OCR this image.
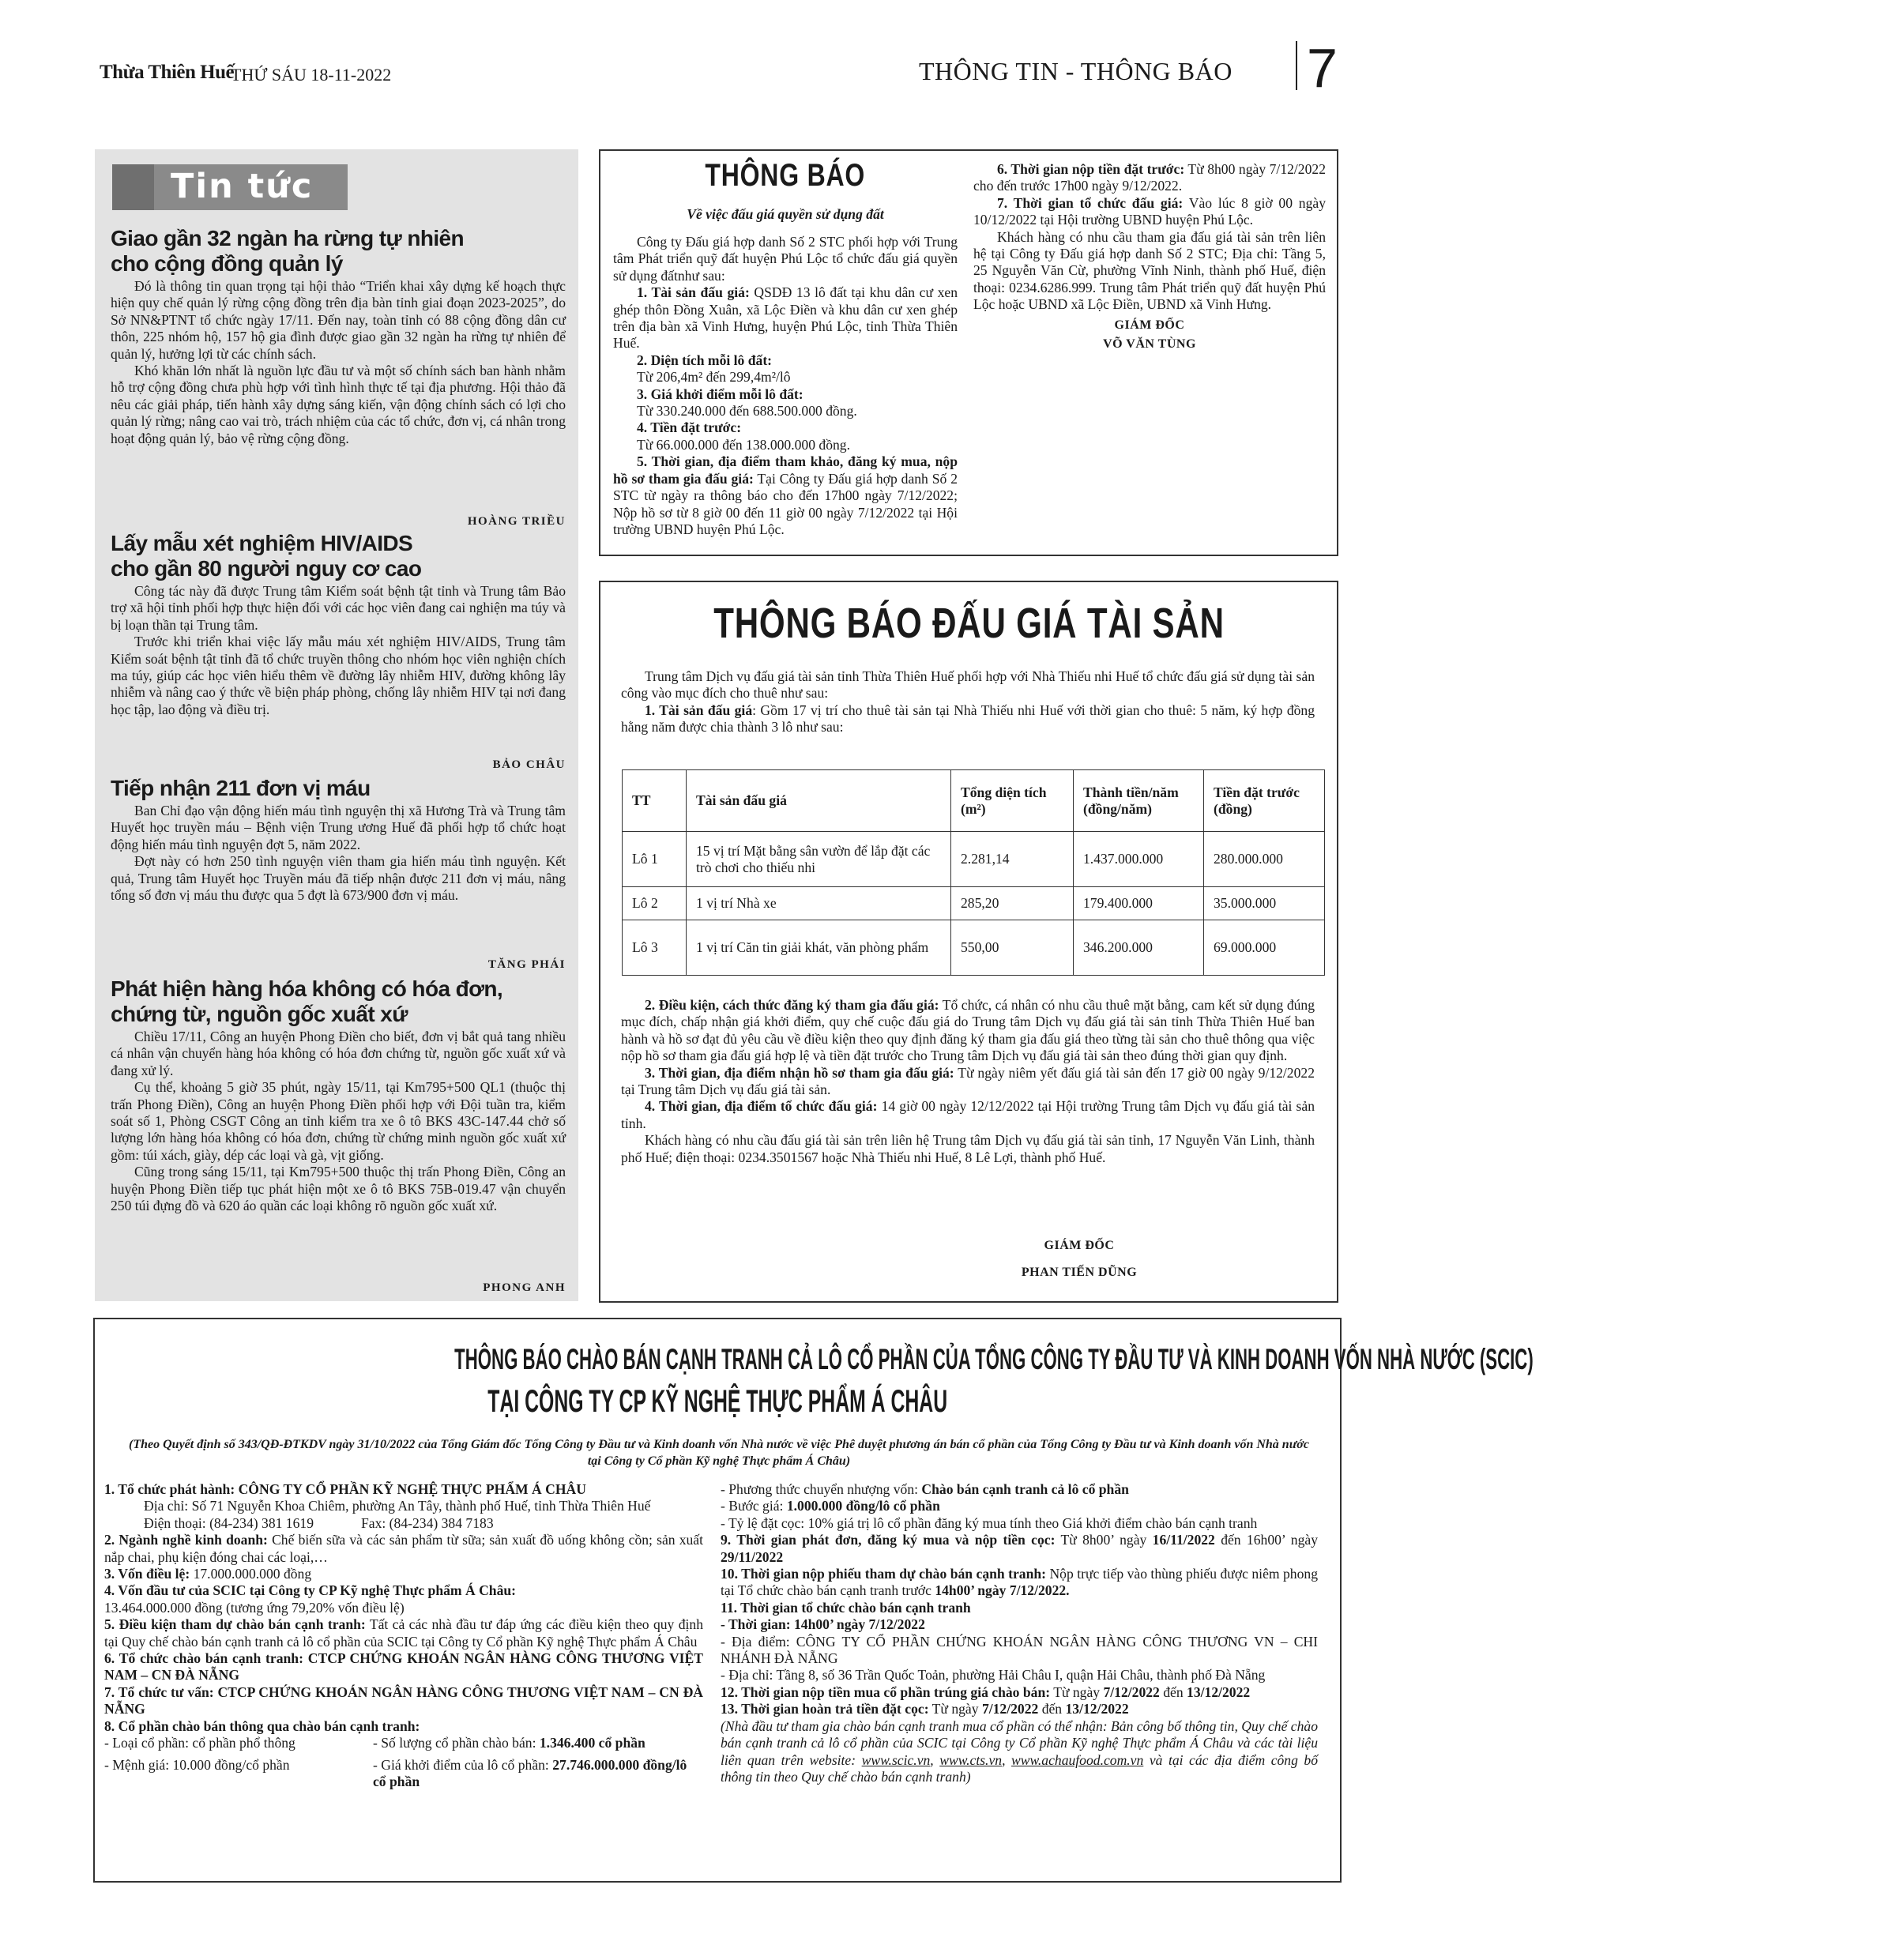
Thừa Thiên Huế
THỨ SÁU 18-11-2022	THÔNG TIN - THÔNG BÁO 7
Tin tức
Giao gần 32 ngàn ha rừng tự nhiên
cho cộng đồng quản lý

Đó là thông tin quan trọng tại hội thảo “Triển khai xây dựng kế hoạch thực hiện quy chế quản lý rừng cộng đồng trên địa bàn tỉnh giai đoạn 2023-2025”, do Sở NN&PTNT tổ chức ngày 17/11. Đến nay, toàn tỉnh có 88 cộng đồng dân cư thôn, 225 nhóm hộ, 157 hộ gia đình được giao gần 32 ngàn ha rừng tự nhiên để quản lý, hưởng lợi từ các chính sách.

Khó khăn lớn nhất là nguồn lực đầu tư và một số chính sách ban hành nhằm hỗ trợ cộng đồng chưa phù hợp với tình hình thực tế tại địa phương. Hội thảo đã nêu các giải pháp, tiến hành xây dựng sáng kiến, vận động chính sách có lợi cho quản lý rừng; nâng cao vai trò, trách nhiệm của các tổ chức, đơn vị, cá nhân trong hoạt động quản lý, bảo vệ rừng cộng đồng.

HOÀNG TRIỀU
Lấy mẫu xét nghiệm HIV/AIDS
cho gần 80 người nguy cơ cao

Công tác này đã được Trung tâm Kiểm soát bệnh tật tỉnh và Trung tâm Bảo trợ xã hội tỉnh phối hợp thực hiện đối với các học viên đang cai nghiện ma túy và bị loạn thần tại Trung tâm.

Trước khi triển khai việc lấy mẫu máu xét nghiệm HIV/AIDS, Trung tâm Kiểm soát bệnh tật tỉnh đã tổ chức truyền thông cho nhóm học viên nghiện chích ma túy, giúp các học viên hiểu thêm về đường lây nhiễm HIV, đường không lây nhiễm và nâng cao ý thức về biện pháp phòng, chống lây nhiễm HIV tại nơi đang học tập, lao động và điều trị.

BẢO CHÂU
Tiếp nhận 211 đơn vị máu

Ban Chỉ đạo vận động hiến máu tình nguyện thị xã Hương Trà và Trung tâm Huyết học truyền máu – Bệnh viện Trung ương Huế đã phối hợp tổ chức hoạt động hiến máu tình nguyện đợt 5, năm 2022.

Đợt này có hơn 250 tình nguyện viên tham gia hiến máu tình nguyện. Kết quả, Trung tâm Huyết học Truyền máu đã tiếp nhận được 211 đơn vị máu, nâng tổng số đơn vị máu thu được qua 5 đợt là 673/900 đơn vị máu.

TĂNG PHÁI
Phát hiện hàng hóa không có hóa đơn,
chứng từ, nguồn gốc xuất xứ

Chiều 17/11, Công an huyện Phong Điền cho biết, đơn vị bắt quả tang nhiều cá nhân vận chuyển hàng hóa không có hóa đơn chứng từ, nguồn gốc xuất xứ và đang xử lý.

Cụ thể, khoảng 5 giờ 35 phút, ngày 15/11, tại Km795+500 QL1 (thuộc thị trấn Phong Điền), Công an huyện Phong Điền phối hợp với Đội tuần tra, kiểm soát số 1, Phòng CSGT Công an tỉnh kiểm tra xe ô tô BKS 43C-147.44 chở số lượng lớn hàng hóa không có hóa đơn, chứng từ chứng minh nguồn gốc xuất xứ gồm: túi xách, giày, dép các loại và gà, vịt giống.

Cũng trong sáng 15/11, tại Km795+500 thuộc thị trấn Phong Điền, Công an huyện Phong Điền tiếp tục phát hiện một xe ô tô BKS 75B-019.47 vận chuyển 250 túi đựng đồ và 620 áo quần các loại không rõ nguồn gốc xuất xứ.

PHONG ANH
THÔNG BÁO
Về việc đấu giá quyền sử dụng đất

Công ty Đấu giá hợp danh Số 2 STC phối hợp với Trung tâm Phát triển quỹ đất huyện Phú Lộc tổ chức đấu giá quyền sử dụng đấtnhư sau:

1. Tài sản đấu giá: QSDĐ 13 lô đất tại khu dân cư xen ghép thôn Đồng Xuân, xã Lộc Điền và khu dân cư xen ghép trên địa bàn xã Vinh Hưng, huyện Phú Lộc, tỉnh Thừa Thiên Huế.

2. Diện tích mỗi lô đất:

Từ 206,4m² đến 299,4m²/lô

3. Giá khởi điểm mỗi lô đất:

Từ 330.240.000 đến 688.500.000 đồng.

4. Tiền đặt trước:

Từ 66.000.000 đến 138.000.000 đồng.

5. Thời gian, địa điểm tham khảo, đăng ký mua, nộp hồ sơ tham gia đấu giá: Tại Công ty Đấu giá hợp danh Số 2 STC từ ngày ra thông báo cho đến 17h00 ngày 7/12/2022; Nộp hồ sơ từ 8 giờ 00 đến 11 giờ 00 ngày 7/12/2022 tại Hội trường UBND huyện Phú Lộc.

6. Thời gian nộp tiền đặt trước: Từ 8h00 ngày 7/12/2022 cho đến trước 17h00 ngày 9/12/2022.

7. Thời gian tổ chức đấu giá: Vào lúc 8 giờ 00 ngày 10/12/2022 tại Hội trường UBND huyện Phú Lộc.

Khách hàng có nhu cầu tham gia đấu giá tài sản trên liên hệ tại Công ty Đấu giá hợp danh Số 2 STC; Địa chỉ: Tầng 5, 25 Nguyễn Văn Cừ, phường Vĩnh Ninh, thành phố Huế, điện thoại: 0234.6286.999. Trung tâm Phát triển quỹ đất huyện Phú Lộc hoặc UBND xã Lộc Điền, UBND xã Vinh Hưng.

GIÁM ĐỐC
VÕ VĂN TÙNG
THÔNG BÁO ĐẤU GIÁ TÀI SẢN

Trung tâm Dịch vụ đấu giá tài sản tỉnh Thừa Thiên Huế phối hợp với Nhà Thiếu nhi Huế tổ chức đấu giá sử dụng tài sản công vào mục đích cho thuê như sau:

1. Tài sản đấu giá: Gồm 17 vị trí cho thuê tài sản tại Nhà Thiếu nhi Huế với thời gian cho thuê: 5 năm, ký hợp đồng hằng năm được chia thành 3 lô như sau:

TT	Tài sản đấu giá	Tổng diện tích (m²)	Thành tiền/năm (đồng/năm)	Tiền đặt trước (đồng)
Lô 1	15 vị trí Mặt bằng sân vườn để lắp đặt các trò chơi cho thiếu nhi	2.281,14	1.437.000.000	280.000.000
Lô 2	1 vị trí Nhà xe	285,20	179.400.000	35.000.000
Lô 3	1 vị trí Căn tin giải khát, văn phòng phẩm	550,00	346.200.000	69.000.000

2. Điều kiện, cách thức đăng ký tham gia đấu giá: Tổ chức, cá nhân có nhu cầu thuê mặt bằng, cam kết sử dụng đúng mục đích, chấp nhận giá khởi điểm, quy chế cuộc đấu giá do Trung tâm Dịch vụ đấu giá tài sản tỉnh Thừa Thiên Huế ban hành và hồ sơ đạt đủ yêu cầu về điều kiện theo quy định đăng ký tham gia đấu giá theo từng tài sản cho thuê thông qua việc nộp hồ sơ tham gia đấu giá hợp lệ và tiền đặt trước cho Trung tâm Dịch vụ đấu giá tài sản theo đúng thời gian quy định.

3. Thời gian, địa điểm nhận hồ sơ tham gia đấu giá: Từ ngày niêm yết đấu giá tài sản đến 17 giờ 00 ngày 9/12/2022 tại Trung tâm Dịch vụ đấu giá tài sản.

4. Thời gian, địa điểm tổ chức đấu giá: 14 giờ 00 ngày 12/12/2022 tại Hội trường Trung tâm Dịch vụ đấu giá tài sản tỉnh.

Khách hàng có nhu cầu đấu giá tài sản trên liên hệ Trung tâm Dịch vụ đấu giá tài sản tỉnh, 17 Nguyễn Văn Linh, thành phố Huế; điện thoại: 0234.3501567 hoặc Nhà Thiếu nhi Huế, 8 Lê Lợi, thành phố Huế.

GIÁM ĐỐC
PHAN TIẾN DŨNG
THÔNG BÁO CHÀO BÁN CẠNH TRANH CẢ LÔ CỔ PHẦN CỦA TỔNG CÔNG TY ĐẦU TƯ VÀ KINH DOANH VỐN NHÀ NƯỚC (SCIC)
TẠI CÔNG TY CP KỸ NGHỆ THỰC PHẨM Á CHÂU
(Theo Quyết định số 343/QĐ-ĐTKDV ngày 31/10/2022 của Tổng Giám đốc Tổng Công ty Đầu tư và Kinh doanh vốn Nhà nước về việc Phê duyệt phương án bán cổ phần của Tổng Công ty Đầu tư và Kinh doanh vốn Nhà nước tại Công ty Cổ phần Kỹ nghệ Thực phẩm Á Châu)

1. Tổ chức phát hành: CÔNG TY CỔ PHẦN KỸ NGHỆ THỰC PHẨM Á CHÂU

Địa chỉ: Số 71 Nguyễn Khoa Chiêm, phường An Tây, thành phố Huế, tỉnh Thừa Thiên Huế

Điện thoại: (84-234) 381 1619	Fax: (84-234) 384 7183

2. Ngành nghề kinh doanh: Chế biến sữa và các sản phẩm từ sữa; sản xuất đồ uống không cồn; sản xuất nắp chai, phụ kiện đóng chai các loại,…

3. Vốn điều lệ: 17.000.000.000 đồng

4. Vốn đầu tư của SCIC tại Công ty CP Kỹ nghệ Thực phẩm Á Châu:

13.464.000.000 đồng (tương ứng 79,20% vốn điều lệ)

5. Điều kiện tham dự chào bán cạnh tranh: Tất cả các nhà đầu tư đáp ứng các điều kiện theo quy định tại Quy chế chào bán cạnh tranh cả lô cổ phần của SCIC tại Công ty Cổ phần Kỹ nghệ Thực phẩm Á Châu

6. Tổ chức chào bán cạnh tranh: CTCP CHỨNG KHOÁN NGÂN HÀNG CÔNG THƯƠNG VIỆT NAM – CN ĐÀ NẴNG

7. Tổ chức tư vấn: CTCP CHỨNG KHOÁN NGÂN HÀNG CÔNG THƯƠNG VIỆT NAM – CN ĐÀ NẴNG

8. Cổ phần chào bán thông qua chào bán cạnh tranh:

- Loại cổ phần: cổ phần phổ thông	- Số lượng cổ phần chào bán: 1.346.400 cổ phần
- Mệnh giá: 10.000 đồng/cổ phần	- Giá khởi điểm của lô cổ phần: 27.746.000.000 đồng/lô cổ phần

- Phương thức chuyển nhượng vốn: Chào bán cạnh tranh cả lô cổ phần

- Bước giá: 1.000.000 đồng/lô cổ phần

- Tỷ lệ đặt cọc: 10% giá trị lô cổ phần đăng ký mua tính theo Giá khởi điểm chào bán cạnh tranh

9. Thời gian phát đơn, đăng ký mua và nộp tiền cọc: Từ 8h00’ ngày 16/11/2022 đến 16h00’ ngày 29/11/2022

10. Thời gian nộp phiếu tham dự chào bán cạnh tranh: Nộp trực tiếp vào thùng phiếu được niêm phong tại Tổ chức chào bán cạnh tranh trước 14h00’ ngày 7/12/2022.

11. Thời gian tổ chức chào bán cạnh tranh

- Thời gian: 14h00’ ngày 7/12/2022

- Địa điểm: CÔNG TY CỔ PHẦN CHỨNG KHOÁN NGÂN HÀNG CÔNG THƯƠNG VN – CHI NHÁNH ĐÀ NẴNG

- Địa chỉ: Tầng 8, số 36 Trần Quốc Toản, phường Hải Châu I, quận Hải Châu, thành phố Đà Nẵng

12. Thời gian nộp tiền mua cổ phần trúng giá chào bán: Từ ngày 7/12/2022 đến 13/12/2022

13. Thời gian hoàn trả tiền đặt cọc: Từ ngày 7/12/2022 đến 13/12/2022

(Nhà đầu tư tham gia chào bán cạnh tranh mua cổ phần có thể nhận: Bản công bố thông tin, Quy chế chào bán cạnh tranh cả lô cổ phần của SCIC tại Công ty Cổ phần Kỹ nghệ Thực phẩm Á Châu và các tài liệu liên quan trên website: www.scic.vn, www.cts.vn, www.achaufood.com.vn và tại các địa điểm công bố thông tin theo Quy chế chào bán cạnh tranh)
